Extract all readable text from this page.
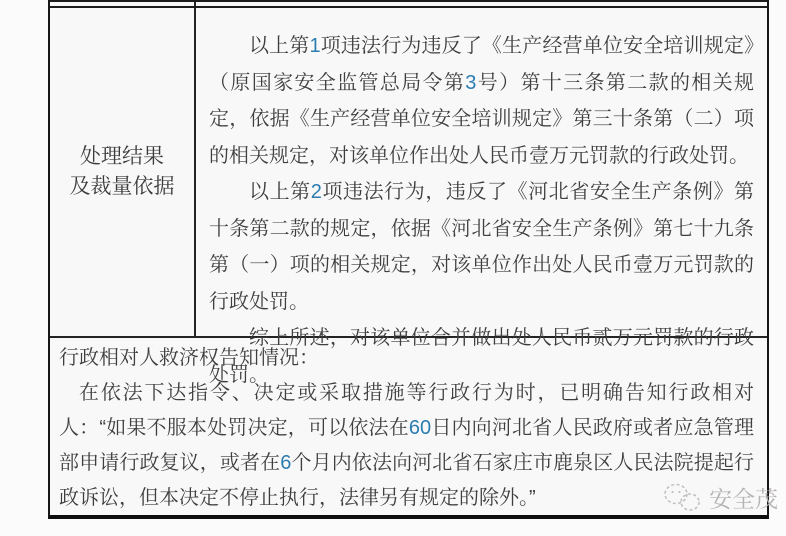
处理结果
及裁量依据

以上第1项违法行为违反了《生产经营单位安全培训规定》（原国家安全监管总局令第3号）第十三条第二款的相关规定，依据《生产经营单位安全培训规定》第三十条第（二）项的相关规定，对该单位作出处人民币壹万元罚款的行政处罚。

以上第2项违法行为，违反了《河北省安全生产条例》第十条第二款的规定，依据《河北省安全生产条例》第七十九条第（一）项的相关规定，对该单位作出处人民币壹万元罚款的行政处罚。

综上所述，对该单位合并做出处人民币贰万元罚款的行政处罚。

行政相对人救济权告知情况：
在依法下达指令、决定或采取措施等行政行为时，已明确告知行政相对人：“如果不服本处罚决定，可以依法在60日内向河北省人民政府或者应急管理部申请行政复议，或者在6个月内依法向河北省石家庄市鹿泉区人民法院提起行政诉讼，但本决定不停止执行，法律另有规定的除外。”	安全茂
